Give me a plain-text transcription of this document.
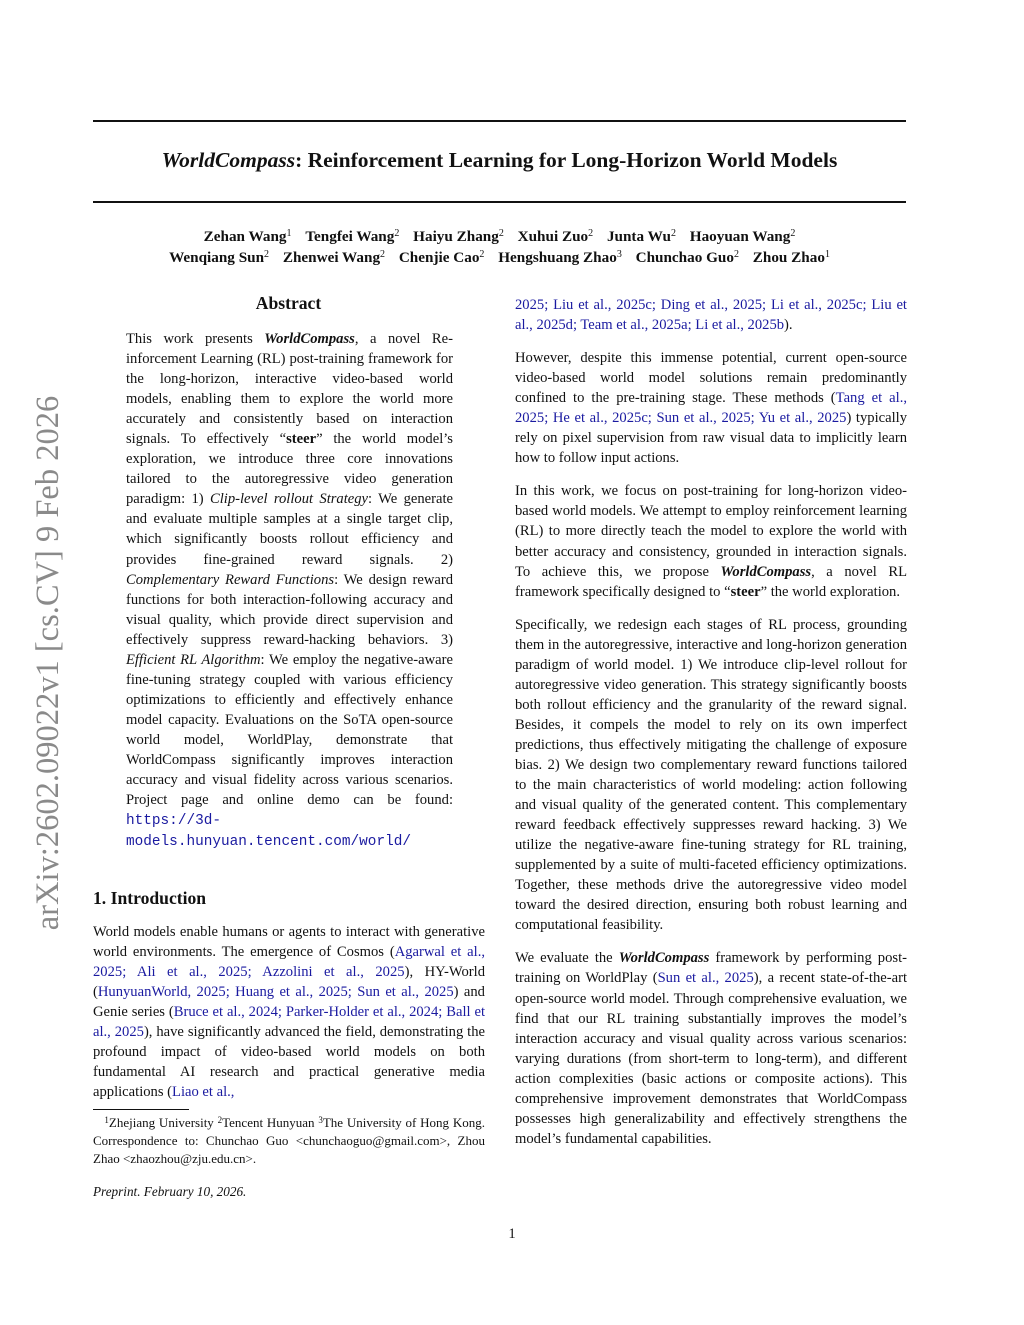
arXiv:2602.09022v1 [cs.CV] 9 Feb 2026
WorldCompass: Reinforcement Learning for Long-Horizon World Models
Zehan Wang$^1$ Tengfei Wang$^2$ Haiyu Zhang$^2$ Xuhui Zuo$^2$ Junta Wu$^2$ Haoyuan Wang$^2$
Wenqiang Sun$^2$ Zhenwei Wang$^2$ Chenjie Cao$^2$ Hengshuang Zhao$^3$ Chunchao Guo$^2$ Zhou Zhao$^1$
Abstract
This work presents WorldCompass, a novel Reinforcement Learning (RL) post-training framework for the long-horizon, interactive video-based world models, enabling them to explore the world more accurately and consistently based on interaction signals. To effectively “steer” the world model’s exploration, we introduce three core innovations tailored to the autoregressive video generation paradigm: 1) Clip-level rollout Strategy: We generate and evaluate multiple samples at a single target clip, which significantly boosts rollout efficiency and provides fine-grained reward signals. 2) Complementary Reward Functions: We design reward functions for both interaction-following accuracy and visual quality, which provide direct supervision and effectively suppress reward-hacking behaviors. 3) Efficient RL Algorithm: We employ the negative-aware fine-tuning strategy coupled with various efficiency optimizations to efficiently and effectively enhance model capacity. Evaluations on the SoTA open-source world model, WorldPlay, demonstrate that WorldCompass significantly improves interaction accuracy and visual fidelity across various scenarios. Project page and online demo can be found: https://3d-models.hunyuan.tencent.com/world/
1. Introduction
World models enable humans or agents to interact with generative world environments. The emergence of Cosmos (Agarwal et al., 2025; Ali et al., 2025; Azzolini et al., 2025), HY-World (HunyuanWorld, 2025; Huang et al., 2025; Sun et al., 2025) and Genie series (Bruce et al., 2024; Parker-Holder et al., 2024; Ball et al., 2025), have significantly advanced the field, demonstrating the profound impact of video-based world models on both fundamental AI research and practical generative media applications (Liao et al.,
$^1$Zhejiang University $^2$Tencent Hunyuan $^3$The University of Hong Kong. Correspondence to: Chunchao Guo <chunchaoguo@gmail.com>, Zhou Zhao <zhaozhou@zju.edu.cn>.
Preprint. February 10, 2026.

2025; Liu et al., 2025c; Ding et al., 2025; Li et al., 2025c; Liu et al., 2025d; Team et al., 2025a; Li et al., 2025b).

However, despite this immense potential, current open-source video-based world model solutions remain predominantly confined to the pre-training stage. These methods (Tang et al., 2025; He et al., 2025c; Sun et al., 2025; Yu et al., 2025) typically rely on pixel supervision from raw visual data to implicitly learn how to follow input actions.

In this work, we focus on post-training for long-horizon video-based world models. We attempt to employ reinforcement learning (RL) to more directly teach the model to explore the world with better accuracy and consistency, grounded in interaction signals. To achieve this, we propose WorldCompass, a novel RL framework specifically designed to “steer” the world exploration.

Specifically, we redesign each stages of RL process, grounding them in the autoregressive, interactive and long-horizon generation paradigm of world model. 1) We introduce clip-level rollout for autoregressive video generation. This strategy significantly boosts both rollout efficiency and the granularity of the reward signal. Besides, it compels the model to rely on its own imperfect predictions, thus effectively mitigating the challenge of exposure bias. 2) We design two complementary reward functions tailored to the main characteristics of world modeling: action following and visual quality of the generated content. This complementary reward feedback effectively suppresses reward hacking. 3) We utilize the negative-aware fine-tuning strategy for RL training, supplemented by a suite of multi-faceted efficiency optimizations. Together, these methods drive the autoregressive video model toward the desired direction, ensuring both robust learning and computational feasibility.

We evaluate the WorldCompass framework by performing post-training on WorldPlay (Sun et al., 2025), a recent state-of-the-art open-source world model. Through comprehensive evaluation, we find that our RL training substantially improves the model’s interaction accuracy and visual quality across various scenarios: varying durations (from short-term to long-term), and different action complexities (basic actions or composite actions). This comprehensive improvement demonstrates that WorldCompass possesses high generalizability and effectively strengthens the model’s fundamental capabilities.

1
